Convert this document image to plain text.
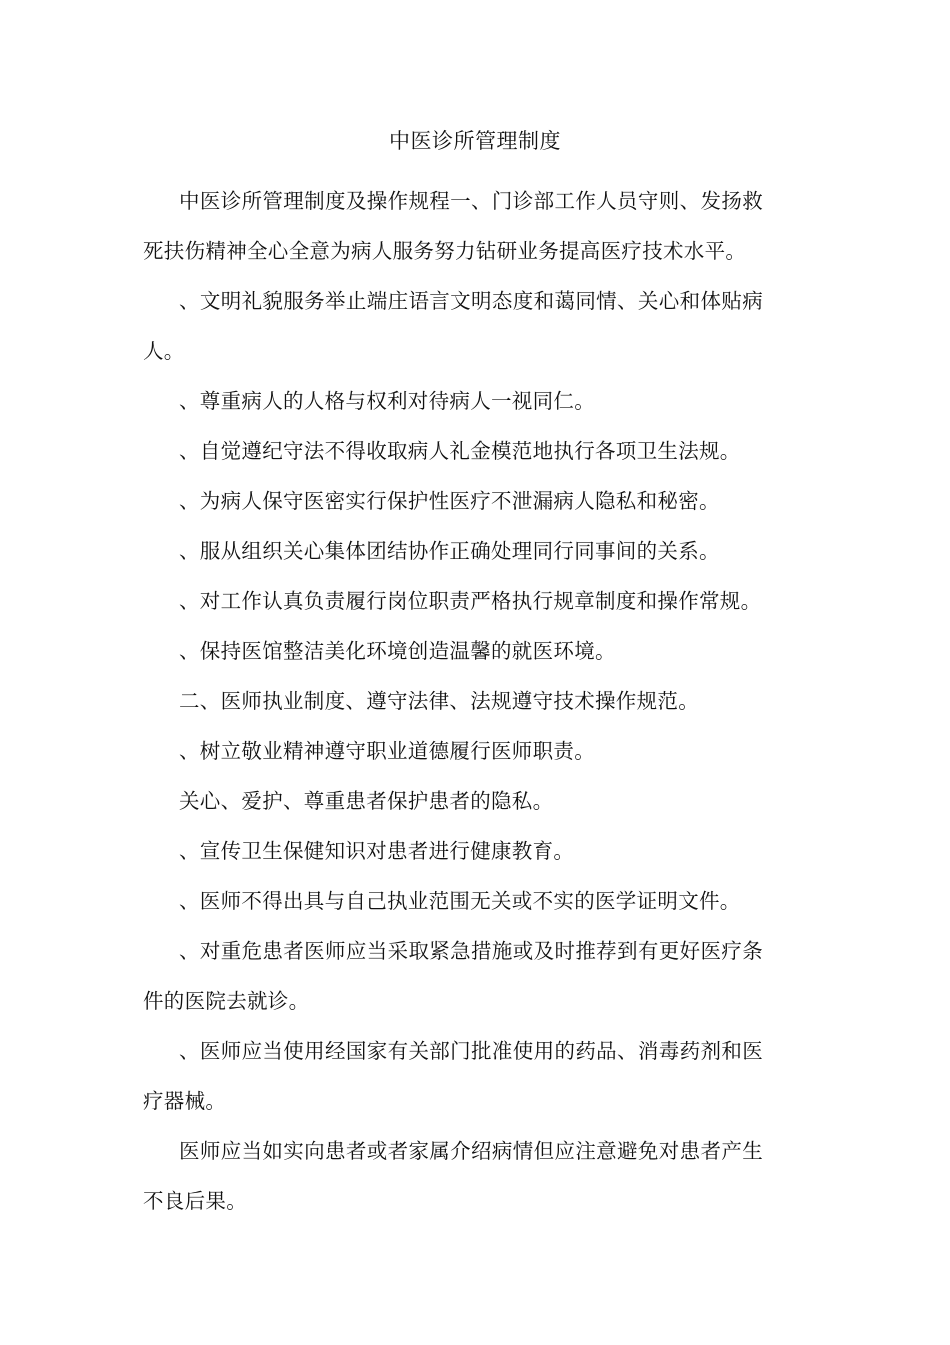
中医诊所管理制度

中医诊所管理制度及操作规程一、门诊部工作人员守则、发扬救死扶伤精神全心全意为病人服务努力钻研业务提高医疗技术水平。

、文明礼貌服务举止端庄语言文明态度和蔼同情、关心和体贴病人。

、尊重病人的人格与权利对待病人一视同仁。

、自觉遵纪守法不得收取病人礼金模范地执行各项卫生法规。

、为病人保守医密实行保护性医疗不泄漏病人隐私和秘密。

、服从组织关心集体团结协作正确处理同行同事间的关系。

、对工作认真负责履行岗位职责严格执行规章制度和操作常规。

、保持医馆整洁美化环境创造温馨的就医环境。

二、医师执业制度、遵守法律、法规遵守技术操作规范。

、树立敬业精神遵守职业道德履行医师职责。

关心、爱护、尊重患者保护患者的隐私。

、宣传卫生保健知识对患者进行健康教育。

、医师不得出具与自己执业范围无关或不实的医学证明文件。

、对重危患者医师应当采取紧急措施或及时推荐到有更好医疗条件的医院去就诊。

、医师应当使用经国家有关部门批准使用的药品、消毒药剂和医疗器械。

医师应当如实向患者或者家属介绍病情但应注意避免对患者产生不良后果。
